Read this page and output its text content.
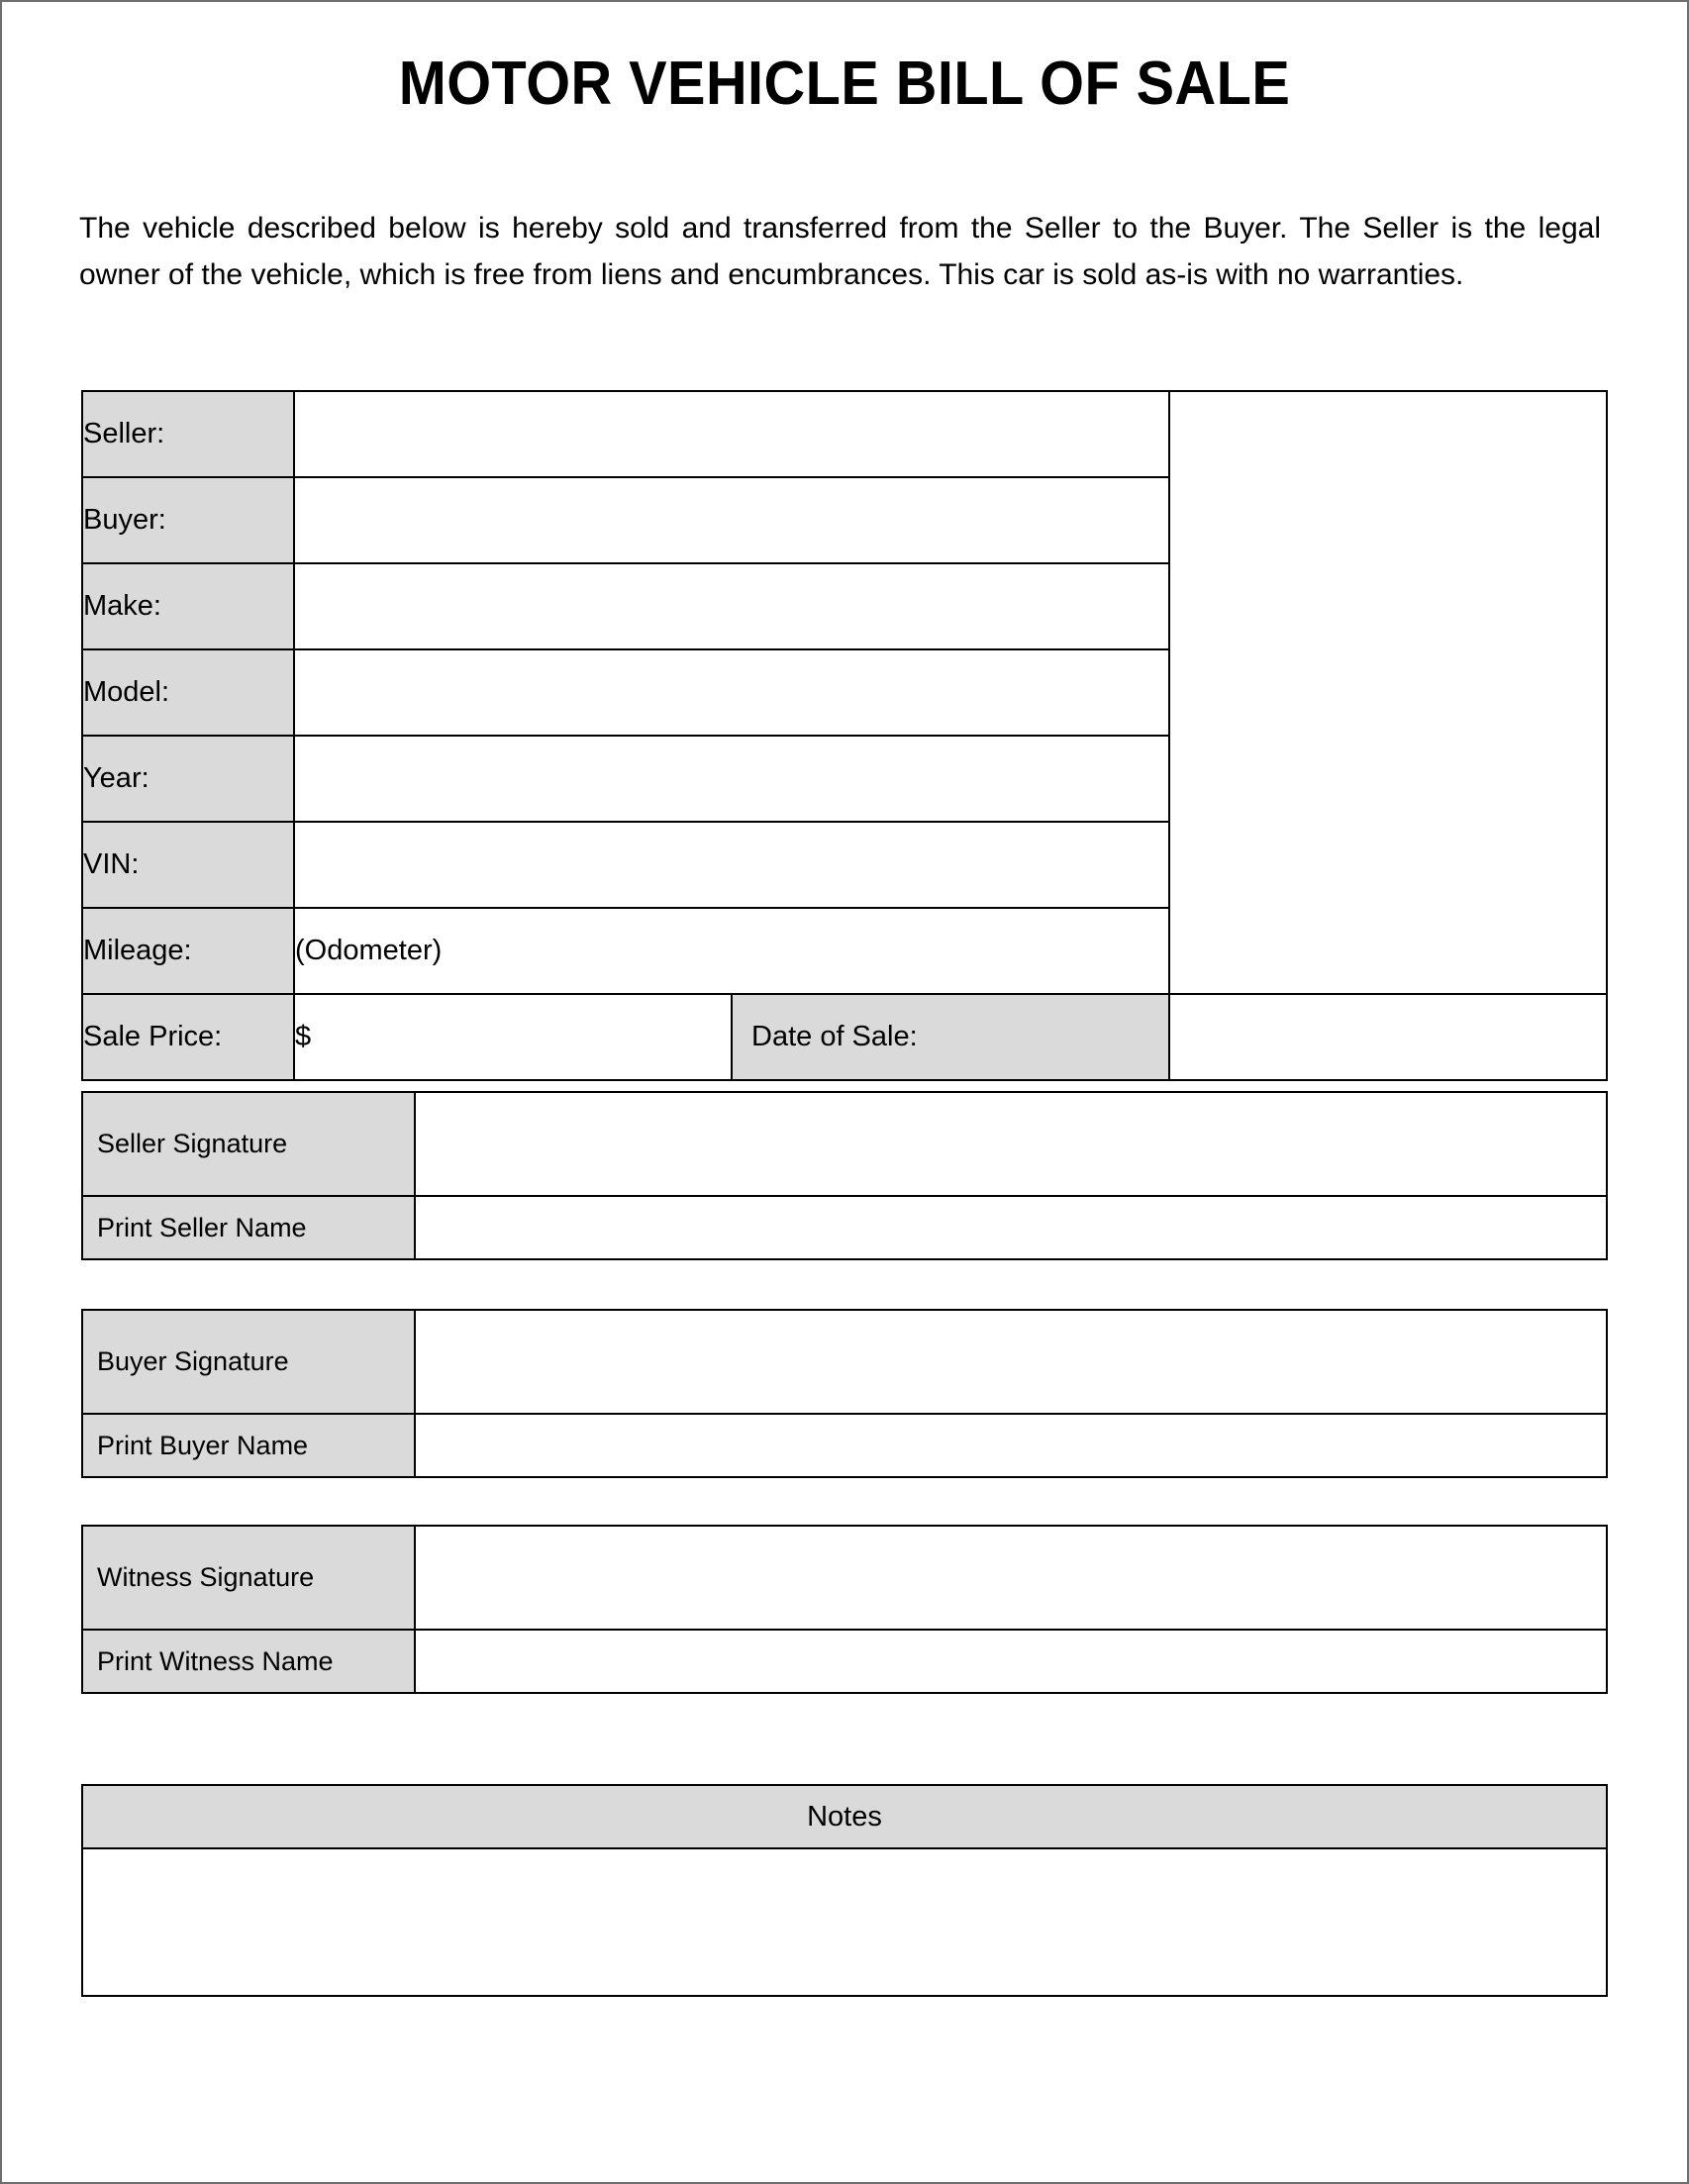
MOTOR VEHICLE BILL OF SALE
The vehicle described below is hereby sold and transferred from the Seller to the Buyer. The Seller is the legal owner of the vehicle, which is free from liens and encumbrances. This car is sold as-is with no warranties.
Seller:			
Buyer:			
Make:			
Model:			
Year:			
VIN:			
Mileage:	(Odometer)		
Sale Price:	$	Date of Sale:	
Seller Signature	
Print Seller Name	
Buyer Signature	
Print Buyer Name	
Witness Signature	
Print Witness Name	
Notes
